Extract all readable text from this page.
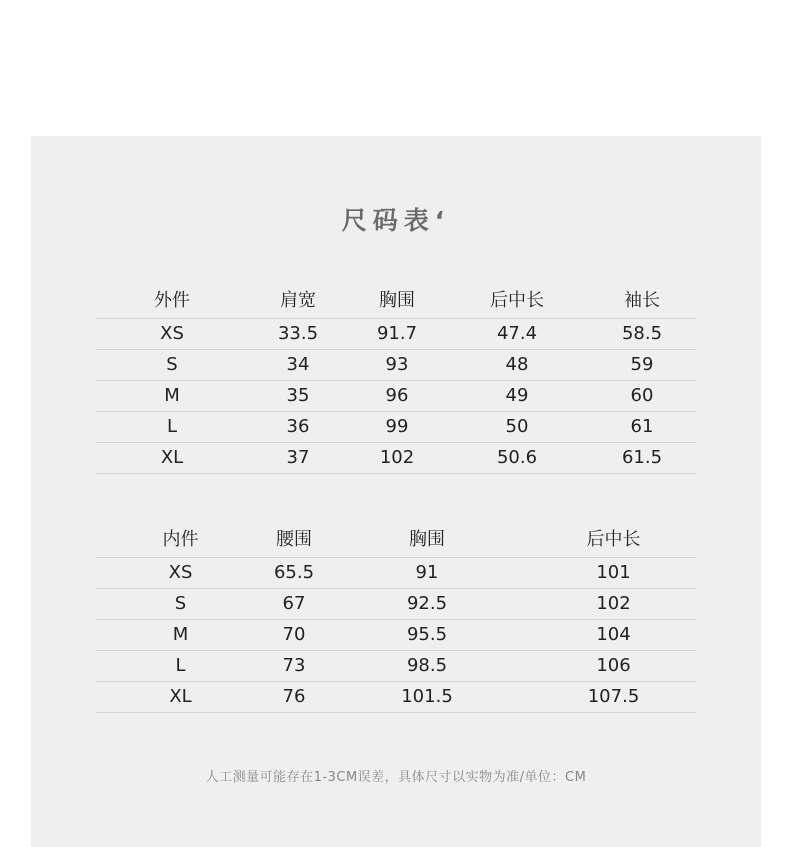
尺码表‘
外件	肩宽	胸围	后中长	袖长
XS	33.5	91.7	47.4	58.5
S	34	93	48	59
M	35	96	49	60
L	36	99	50	61
XL	37	102	50.6	61.5
内件	腰围	胸围	后中长
XS	65.5	91	101
S	67	92.5	102
M	70	95.5	104
L	73	98.5	106
XL	76	101.5	107.5
人工测量可能存在1-3CM误差，具体尺寸以实物为准/单位：CM
